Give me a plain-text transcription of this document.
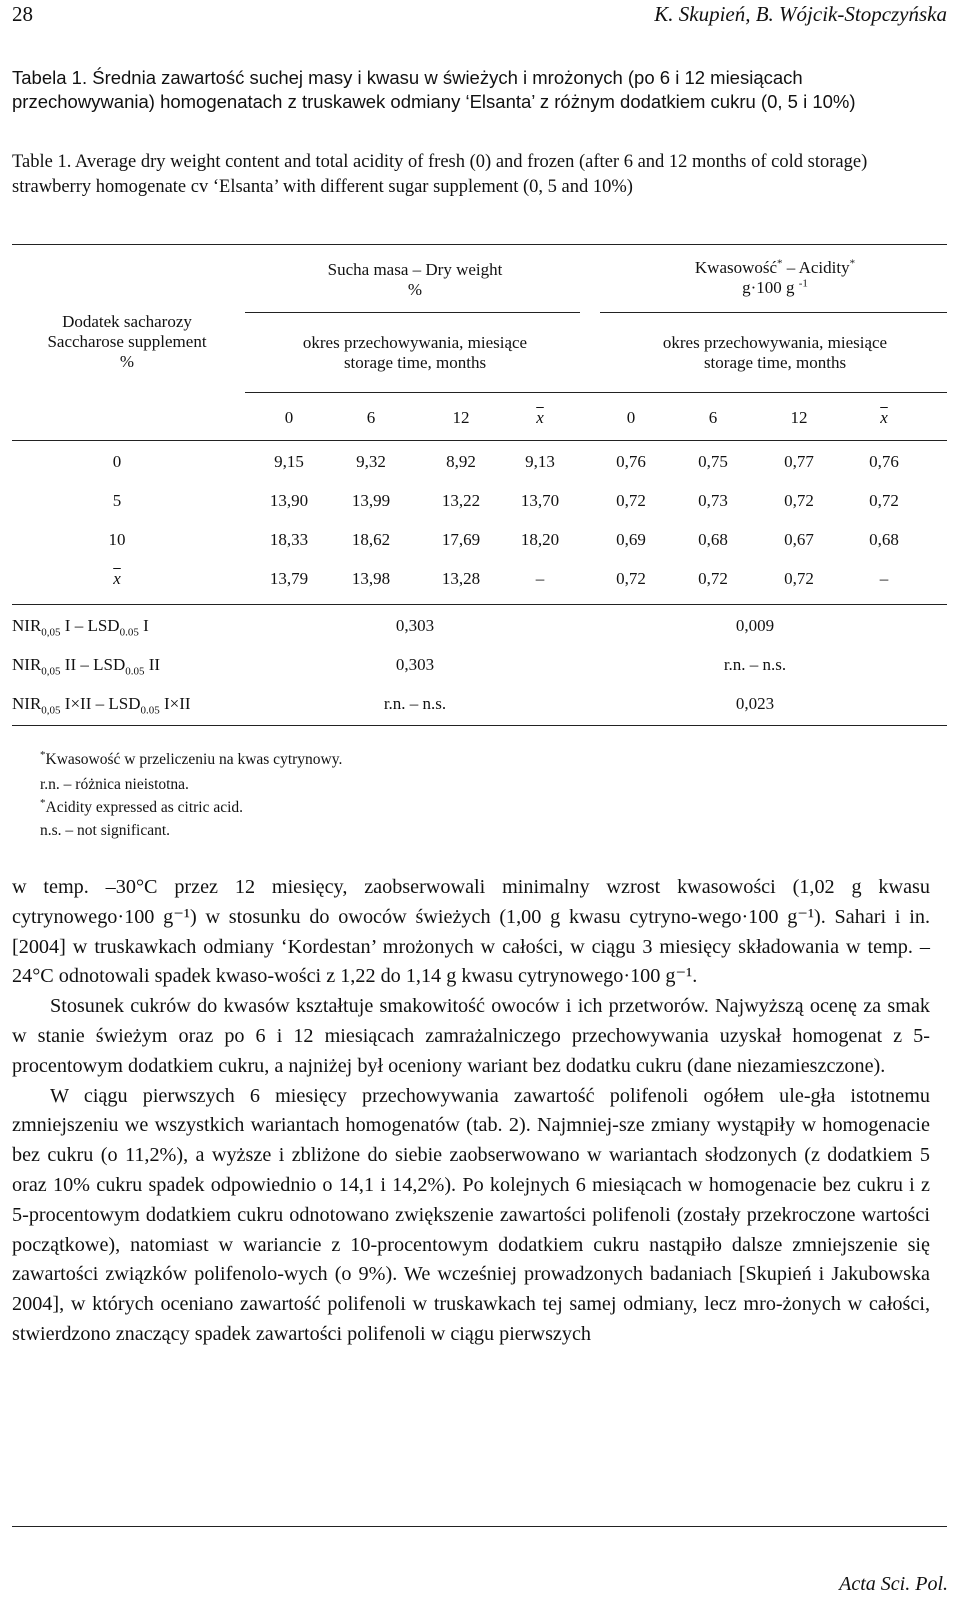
28	K. Skupień, B. Wójcik-Stopczyńska
Tabela 1. Średnia zawartość suchej masy i kwasu w świeżych i mrożonych (po 6 i 12 miesiącach przechowywania) homogenatach z truskawek odmiany ‘Elsanta’ z różnym dodatkiem cukru (0, 5 i 10%)
Table 1. Average dry weight content and total acidity of fresh (0) and frozen (after 6 and 12 months of cold storage) strawberry homogenate cv ‘Elsanta’ with different sugar supplement (0, 5 and 10%)
Dodatek sacharozy
Saccharose supplement
%
Sucha masa – Dry weight
%
Kwasowość* – Acidity*
g·100 g $^{-1}$
okres przechowywania, miesiące
storage time, months
okres przechowywania, miesiące
storage time, months
0	6	12	$\overline{x}$	0	6	12	$\overline{x}$
0	9,15	9,32	8,92	9,13	0,76	0,75	0,77	0,76
5	13,90	13,99	13,22	13,70	0,72	0,73	0,72	0,72
10	18,33	18,62	17,69	18,20	0,69	0,68	0,67	0,68
$\overline{x}$	13,79	13,98	13,28	–	0,72	0,72	0,72	–
$NIR_{0,05}$ I – $LSD_{0.05}$ I	0,303	0,009
$NIR_{0,05}$ II – $LSD_{0.05}$ II	0,303	r.n. – n.s.
$NIR_{0,05}$ $I\times II - LSD_{0.05}$ I×II	r.n. – n.s.	0,023
*Kwasowość w przeliczeniu na kwas cytrynowy.
r.n. – różnica nieistotna.
*Acidity expressed as citric acid.
n.s. – not significant.

w temp. –30°C przez 12 miesięcy, zaobserwowali minimalny wzrost kwasowości (1,02 g kwasu cytrynowego·100 g⁻¹) w stosunku do owoców świeżych (1,00 g kwasu cytryno-wego·100 g⁻¹). Sahari i in. [2004] w truskawkach odmiany ‘Kordestan’ mrożonych w całości, w ciągu 3 miesięcy składowania w temp. –24°C odnotowali spadek kwaso-wości z 1,22 do 1,14 g kwasu cytrynowego·100 g⁻¹.

Stosunek cukrów do kwasów kształtuje smakowitość owoców i ich przetworów. Najwyższą ocenę za smak w stanie świeżym oraz po 6 i 12 miesiącach zamrażalniczego przechowywania uzyskał homogenat z 5-procentowym dodatkiem cukru, a najniżej był oceniony wariant bez dodatku cukru (dane niezamieszczone).

W ciągu pierwszych 6 miesięcy przechowywania zawartość polifenoli ogółem ule-gła istotnemu zmniejszeniu we wszystkich wariantach homogenatów (tab. 2). Najmniej-sze zmiany wystąpiły w homogenacie bez cukru (o 11,2%), a wyższe i zbliżone do siebie zaobserwowano w wariantach słodzonych (z dodatkiem 5 oraz 10% cukru spadek odpowiednio o 14,1 i 14,2%). Po kolejnych 6 miesiącach w homogenacie bez cukru i z 5-procentowym dodatkiem cukru odnotowano zwiększenie zawartości polifenoli (zostały przekroczone wartości początkowe), natomiast w wariancie z 10-procentowym dodatkiem cukru nastąpiło dalsze zmniejszenie się zawartości związków polifenolo-wych (o 9%). We wcześniej prowadzonych badaniach [Skupień i Jakubowska 2004], w których oceniano zawartość polifenoli w truskawkach tej samej odmiany, lecz mro-żonych w całości, stwierdzono znaczący spadek zawartości polifenoli w ciągu pierwszych

Acta Sci. Pol.
